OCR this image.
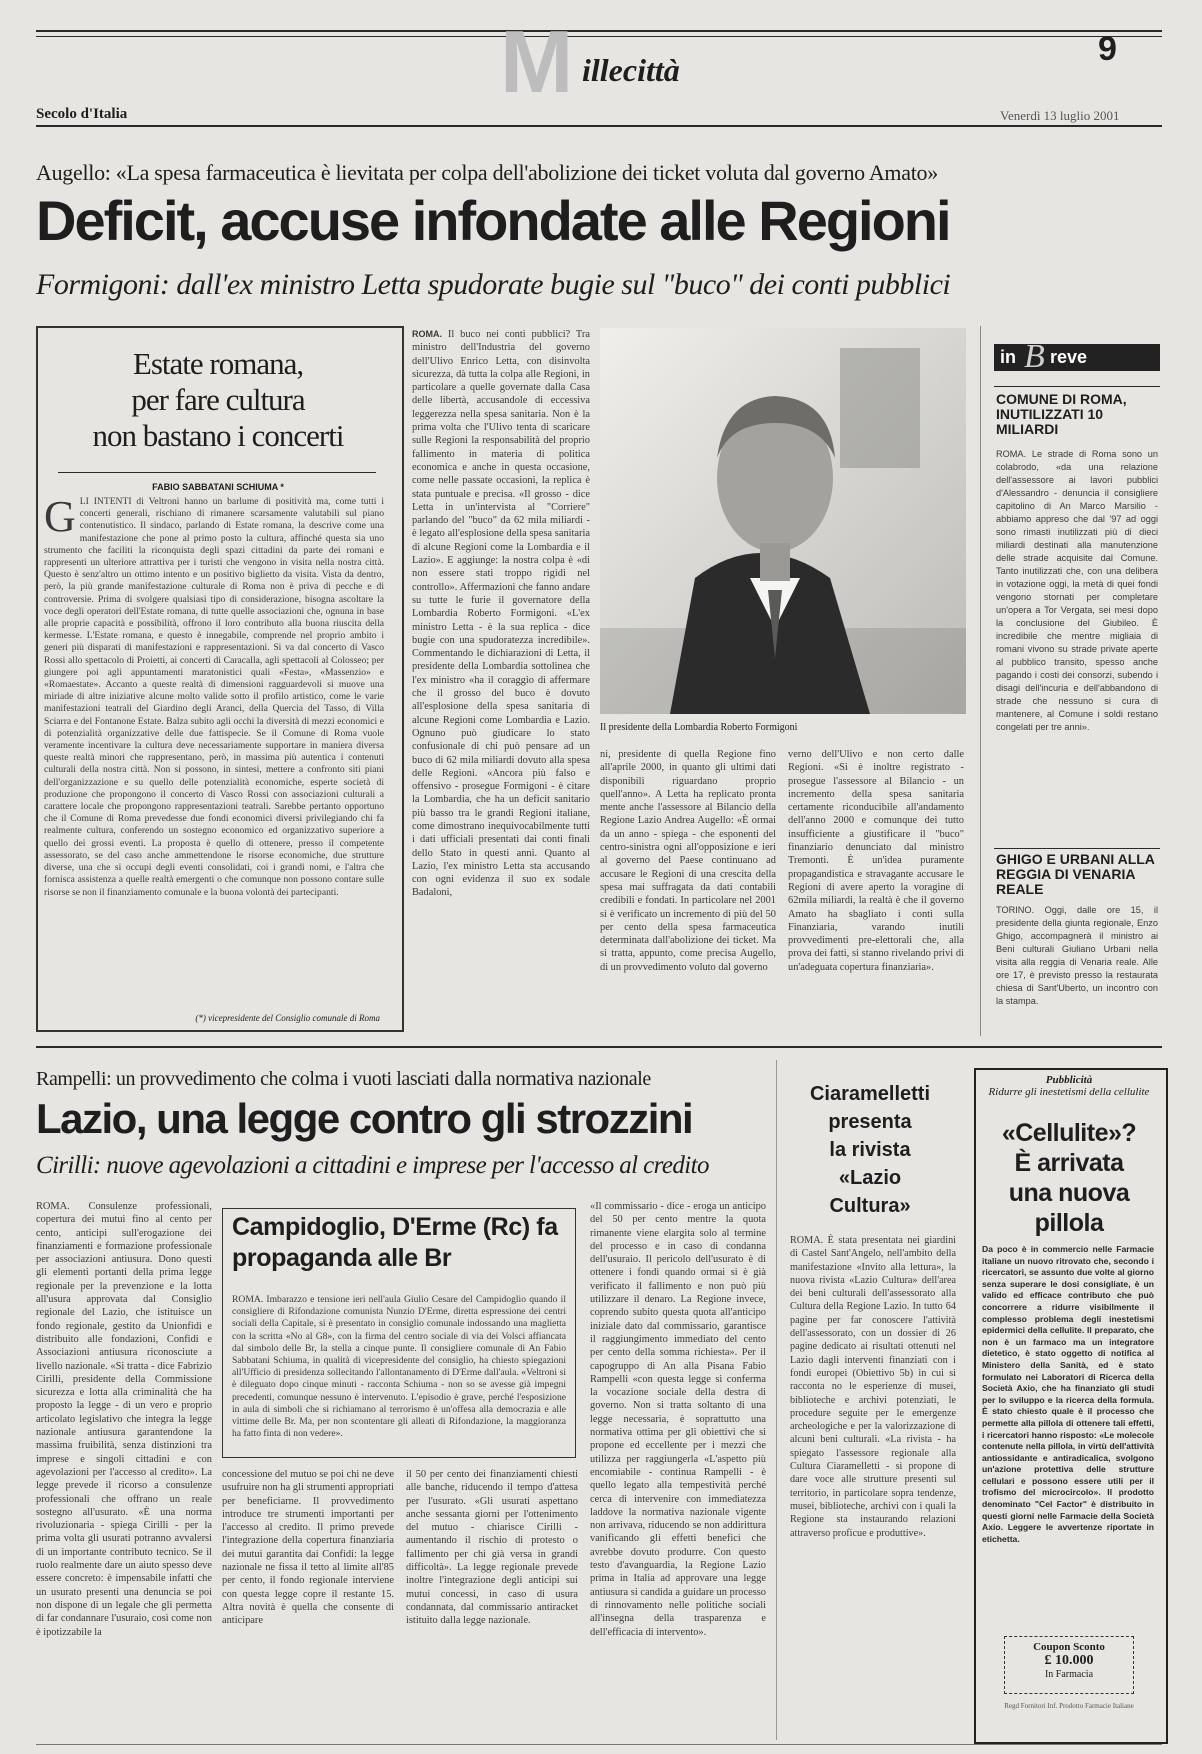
M illecittà
9
Secolo d'Italia	Venerdì 13 luglio 2001
Augello: «La spesa farmaceutica è lievitata per colpa dell'abolizione dei ticket voluta dal governo Amato»
Deficit, accuse infondate alle Regioni
Formigoni: dall'ex ministro Letta spudorate bugie sul "buco" dei conti pubblici
Estate romana,
per fare cultura
non bastano i concerti
FABIO SABBATANI SCHIUMA *
GLI INTENTI di Veltroni hanno un barlume di positività ma, come tutti i concerti generali, rischiano di rimanere scarsamente valutabili sul piano contenutistico. Il sindaco, parlando di Estate romana, la descrive come una manifestazione che pone al primo posto la cultura, affinché questa sia uno strumento che faciliti la riconquista degli spazi cittadini da parte dei romani e rappresenti un ulteriore attrattiva per i turisti che vengono in visita nella nostra città. Questo è senz'altro un ottimo intento e un positivo biglietto da visita. Vista da dentro, però, la più grande manifestazione culturale di Roma non è priva di pecche e di controversie. Prima di svolgere qualsiasi tipo di considerazione, bisogna ascoltare la voce degli operatori dell'Estate romana, di tutte quelle associazioni che, ognuna in base alle proprie capacità e possibilità, offrono il loro contributo alla buona riuscita della kermesse. L'Estate romana, e questo è innegabile, comprende nel proprio ambito i generi più disparati di manifestazioni e rappresentazioni. Si va dal concerto di Vasco Rossi allo spettacolo di Proietti, ai concerti di Caracalla, agli spettacoli al Colosseo; per giungere poi agli appuntamenti maratonistici quali «Festa», «Massenzio» e «Romaestate». Accanto a queste realtà di dimensioni ragguardevoli si muove una miriade di altre iniziative alcune molto valide sotto il profilo artistico, come le varie manifestazioni teatrali del Giardino degli Aranci, della Quercia del Tasso, di Villa Sciarra e del Fontanone Estate. Balza subito agli occhi la diversità di mezzi economici e di potenzialità organizzative delle due fattispecie. Se il Comune di Roma vuole veramente incentivare la cultura deve necessariamente supportare in maniera diversa queste realtà minori che rappresentano, però, in massima più autentica i contenuti culturali della nostra città. Non si possono, in sintesi, mettere a confronto siti piani dell'organizzazione e su quello delle potenzialità economiche, esperte società di produzione che propongono il concerto di Vasco Rossi con associazioni culturali a carattere locale che propongono rappresentazioni teatrali. Sarebbe pertanto opportuno che il Comune di Roma prevedesse due fondi economici diversi privilegiando chi fa realmente cultura, conferendo un sostegno economico ed organizzativo superiore a quello dei grossi eventi. La proposta è quello di ottenere, presso il competente assessorato, se del caso anche ammettendone le risorse economiche, due strutture diverse, una che si occupi degli eventi consolidati, coi i grandi nomi, e l'altra che fornisca assistenza a quelle realtà emergenti o che comunque non possono contare sulle risorse se non il finanziamento comunale e la buona volontà dei partecipanti.
(*) vicepresidente del Consiglio comunale di Roma
ROMA. Il buco nei conti pubblici? Tra ministro dell'Industria del governo dell'Ulivo Enrico Letta, con disinvolta sicurezza, dà tutta la colpa alle Regioni, in particolare a quelle governate dalla Casa delle libertà, accusandole di eccessiva leggerezza nella spesa sanitaria. Non è la prima volta che l'Ulivo tenta di scaricare sulle Regioni la responsabilità del proprio fallimento in materia di politica economica e anche in questa occasione, come nelle passate occasioni, la replica è stata puntuale e precisa. «Il grosso - dice Letta in un'intervista al "Corriere" parlando del "buco" da 62 mila miliardi - è legato all'esplosione della spesa sanitaria di alcune Regioni come la Lombardia e il Lazio». E aggiunge: la nostra colpa è «di non essere stati troppo rigidi nel controllo». Affermazioni che fanno andare su tutte le furie il governatore della Lombardia Roberto Formigoni. «L'ex ministro Letta - è la sua replica - dice bugie con una spudoratezza incredibile». Commentando le dichiarazioni di Letta, il presidente della Lombardia sottolinea che l'ex ministro «ha il coraggio di affermare che il grosso del buco è dovuto all'esplosione della spesa sanitaria di alcune Regioni come Lombardia e Lazio. Ognuno può giudicare lo stato confusionale di chi può pensare ad un buco di 62 mila miliardi dovuto alla spesa delle Regioni. «Ancora più falso e offensivo - prosegue Formigoni - è citare la Lombardia, che ha un deficit sanitario più basso tra le grandi Regioni italiane, come dimostrano inequivocabilmente tutti i dati ufficiali presentati dai conti finali dello Stato in questi anni. Quanto al Lazio, l'ex ministro Letta sta accusando con ogni evidenza il suo ex sodale Badaloni,
Il presidente della Lombardia Roberto Formigoni
ni, presidente di quella Regione fino all'aprile 2000, in quanto gli ultimi dati disponibili riguardano proprio quell'anno». A Letta ha replicato pronta mente anche l'assessore al Bilancio della Regione Lazio Andrea Augello: «È ormai da un anno - spiega - che esponenti del centro-sinistra ogni all'opposizione e ieri al governo del Paese continuano ad accusare le Regioni di una crescita della spesa mai suffragata da dati contabili credibili e fondati. In particolare nel 2001 si è verificato un incremento di più del 50 per cento della spesa farmaceutica determinata dall'abolizione dei ticket. Ma si tratta, appunto, come precisa Augello, di un provvedimento voluto dal governo
verno dell'Ulivo e non certo dalle Regioni. «Si è inoltre registrato - prosegue l'assessore al Bilancio - un incremento della spesa sanitaria certamente riconducibile all'andamento dell'anno 2000 e comunque dei tutto insufficiente a giustificare il "buco" finanziario denunciato dal ministro Tremonti. È un'idea puramente propagandistica e stravagante accusare le Regioni di avere aperto la voragine di 62mila miliardi, la realtà è che il governo Amato ha sbagliato i conti sulla Finanziaria, varando inutili provvedimenti pre-elettorali che, alla prova dei fatti, si stanno rivelando privi di un'adeguata copertura finanziaria».
in B reve
COMUNE DI ROMA, INUTILIZZATI 10 MILIARDI
ROMA. Le strade di Roma sono un colabrodo, «da una relazione dell'assessore ai lavori pubblici d'Alessandro - denuncia il consigliere capitolino di An Marco Marsilio - abbiamo appreso che dal '97 ad oggi sono rimasti inutilizzati più di dieci miliardi destinati alla manutenzione delle strade acquisite dal Comune. Tanto inutilizzati che, con una delibera in votazione oggi, la metà di quei fondi vengono stornati per completare un'opera a Tor Vergata, sei mesi dopo la conclusione del Giubileo. È incredibile che mentre migliaia di romani vivono su strade private aperte al pubblico transito, spesso anche pagando i costi dei consorzi, subendo i disagi dell'incuria e dell'abbandono di strade che nessuno si cura di mantenere, al Comune i soldi restano congelati per tre anni».
GHIGO E URBANI ALLA REGGIA DI VENARIA REALE
TORINO. Oggi, dalle ore 15, il presidente della giunta regionale, Enzo Ghigo, accompagnerà il ministro ai Beni culturali Giuliano Urbani nella visita alla reggia di Venaria reale. Alle ore 17, è previsto presso la restaurata chiesa di Sant'Uberto, un incontro con la stampa.
Rampelli: un provvedimento che colma i vuoti lasciati dalla normativa nazionale
Lazio, una legge contro gli strozzini
Cirilli: nuove agevolazioni a cittadini e imprese per l'accesso al credito
ROMA. Consulenze professionali, copertura dei mutui fino al cento per cento, anticipi sull'erogazione dei finanziamenti e formazione professionale per associazioni antiusura. Dono questi gli elementi portanti della prima legge regionale per la prevenzione e la lotta all'usura approvata dal Consiglio regionale del Lazio, che istituisce un fondo regionale, gestito da Unionfidi e distribuito alle fondazioni, Confidi e Associazioni antiusura riconosciute a livello nazionale. «Si tratta - dice Fabrizio Cirilli, presidente della Commissione sicurezza e lotta alla criminalità che ha proposto la legge - di un vero e proprio articolato legislativo che integra la legge nazionale antiusura garantendone la massima fruibilità, senza distinzioni tra imprese e singoli cittadini e con agevolazioni per l'accesso al credito». La legge prevede il ricorso a consulenze professionali che offrano un reale sostegno all'usurato. «È una norma rivoluzionaria - spiega Cirilli - per la prima volta gli usurati potranno avvalersi di un importante contributo tecnico. Se il ruolo realmente dare un aiuto spesso deve essere concreto: è impensabile infatti che un usurato presenti una denuncia se poi non dispone di un legale che gli permetta di far condannare l'usuraio, così come non è ipotizzabile la
Campidoglio, D'Erme (Rc) fa propaganda alle Br
ROMA. Imbarazzo e tensione ieri nell'aula Giulio Cesare del Campidoglio quando il consigliere di Rifondazione comunista Nunzio D'Erme, diretta espressione dei centri sociali della Capitale, si è presentato in consiglio comunale indossando una maglietta con la scritta «No al G8», con la firma del centro sociale di via dei Volsci affiancata dal simbolo delle Br, la stella a cinque punte. Il consigliere comunale di An Fabio Sabbatani Schiuma, in qualità di vicepresidente del consiglio, ha chiesto spiegazioni all'Ufficio di presidenza sollecitando l'allontanamento di D'Erme dall'aula. «Veltroni si è dileguato dopo cinque minuti - racconta Schiuma - non so se avesse già impegni precedenti, comunque nessuno è intervenuto. L'episodio è grave, perché l'esposizione in aula di simboli che si richiamano al terrorismo è un'offesa alla democrazia e alle vittime delle Br. Ma, per non scontentare gli alleati di Rifondazione, la maggioranza ha fatto finta di non vedere».
concessione del mutuo se poi chi ne deve usufruire non ha gli strumenti appropriati per beneficiarne. Il provvedimento introduce tre strumenti importanti per l'accesso al credito. Il primo prevede l'integrazione della copertura finanziaria dei mutui garantita dai Confidi: la legge nazionale ne fissa il tetto al limite all'85 per cento, il fondo regionale interviene con questa legge copre il restante 15. Altra novità è quella che consente di anticipare
il 50 per cento dei finanziamenti chiesti alle banche, riducendo il tempo d'attesa per l'usurato. «Gli usurati aspettano anche sessanta giorni per l'ottenimento del mutuo - chiarisce Cirilli - aumentando il rischio di protesto o fallimento per chi già versa in grandi difficoltà». La legge regionale prevede inoltre l'integrazione degli anticipi sui mutui concessi, in caso di usura condannata, dal commissario antiracket istituito dalla legge nazionale.
«Il commissario - dice - eroga un anticipo del 50 per cento mentre la quota rimanente viene elargita solo al termine del processo e in caso di condanna dell'usuraio. Il pericolo dell'usurato è di ottenere i fondi quando ormai si è già verificato il fallimento e non può più utilizzare il denaro. La Regione invece, coprendo subito questa quota all'anticipo iniziale dato dal commissario, garantisce il raggiungimento immediato del cento per cento della somma richiesta». Per il capogruppo di An alla Pisana Fabio Rampelli «con questa legge si conferma la vocazione sociale della destra di governo. Non si tratta soltanto di una legge necessaria, è soprattutto una normativa ottima per gli obiettivi che si propone ed eccellente per i mezzi che utilizza per raggiungerla «L'aspetto più encomiabile - continua Rampelli - è quello legato alla tempestività perché cerca di intervenire con immediatezza laddove la normativa nazionale vigente non arrivava, riducendo se non addirittura vanificando gli effetti benefici che avrebbe dovuto produrre. Con questo testo d'avanguardia, la Regione Lazio prima in Italia ad approvare una legge antiusura si candida a guidare un processo di rinnovamento nelle politiche sociali all'insegna della trasparenza e dell'efficacia di intervento».
Ciaramelletti
presenta
la rivista
«Lazio
Cultura»
ROMA. È stata presentata nei giardini di Castel Sant'Angelo, nell'ambito della manifestazione «Invito alla lettura», la nuova rivista «Lazio Cultura» dell'area dei beni culturali dell'assessorato alla Cultura della Regione Lazio. In tutto 64 pagine per far conoscere l'attività dell'assessorato, con un dossier di 26 pagine dedicato ai risultati ottenuti nel Lazio dagli interventi finanziati con i fondi europei (Obiettivo 5b) in cui si racconta no le esperienze di musei, biblioteche e archivi potenziati, le procedure seguite per le emergenze archeologiche e per la valorizzazione di alcuni beni culturali. «La rivista - ha spiegato l'assessore regionale alla Cultura Ciaramelletti - si propone di dare voce alle strutture presenti sul territorio, in particolare sopra tendenze, musei, biblioteche, archivi con i quali la Regione sta instaurando relazioni attraverso proficue e produttive».
Pubblicità
Ridurre gli inestetismi della cellulite
«Cellulite»?
È arrivata
una nuova
pillola
Da poco è in commercio nelle Farmacie italiane un nuovo ritrovato che, secondo i ricercatori, se assunto due volte al giorno senza superare le dosi consigliate, è un valido ed efficace contributo che può concorrere a ridurre visibilmente il complesso problema degli inestetismi epidermici della cellulite. Il preparato, che non è un farmaco ma un integratore dietetico, è stato oggetto di notifica al Ministero della Sanità, ed è stato formulato nei Laboratori di Ricerca della Società Axio, che ha finanziato gli studi per lo sviluppo e la ricerca della formula. È stato chiesto quale è il processo che permette alla pillola di ottenere tali effetti, i ricercatori hanno risposto: «Le molecole contenute nella pillola, in virtù dell'attività antiossidante e antiradicalica, svolgono un'azione protettiva delle strutture cellulari e possono essere utili per il trofismo del microcircolo». Il prodotto denominato "Cel Factor" è distribuito in questi giorni nelle Farmacie della Società Axio. Leggere le avvertenze riportate in etichetta.
Coupon Sconto
£ 10.000
In Farmacia
Regd Fornitori Inf. Prodotto Farmacie Italiane
